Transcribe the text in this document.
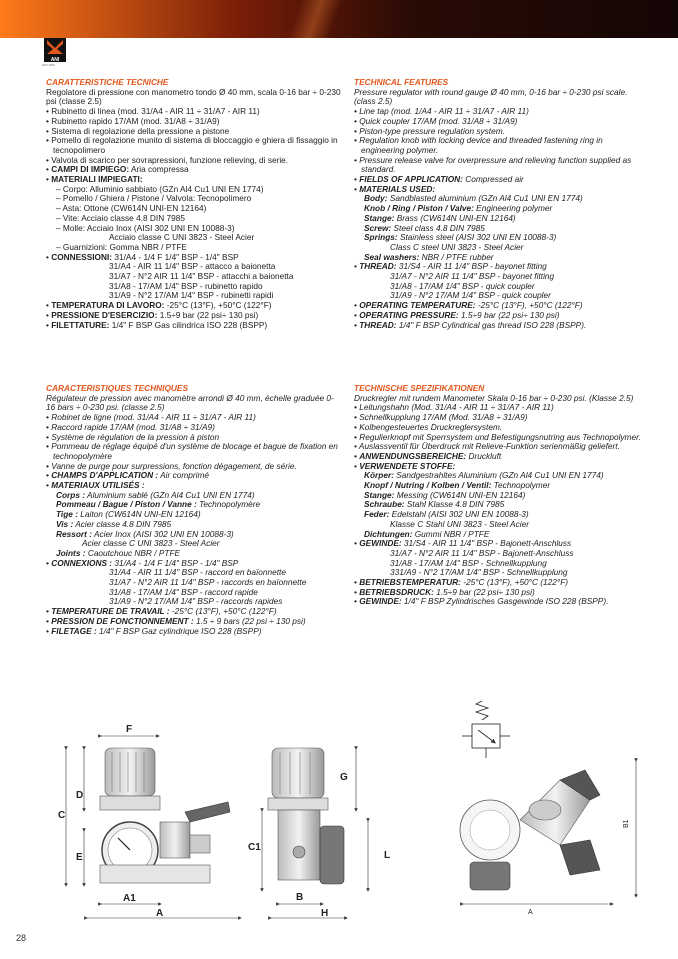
ANI
ANI SPA

CARATTERISTICHE TECNICHE

Regolatore di pressione con manometro tondo Ø 40 mm, scala 0-16 bar ÷ 0-230 psi (classe 2.5)

• Rubinetto di linea (mod. 31/A4 - AIR 11 ÷ 31/A7 - AIR 11)

• Rubinetto rapido 17/AM (mod. 31/A8 ÷ 31/A9)

• Sistema di regolazione della pressione a pistone

• Pomello di regolazione munito di sistema di bloccaggio e ghiera di fissaggio in tecnopolimero

• Valvola di scarico per sovrapressioni, funzione relieving, di serie.

• CAMPI DI IMPIEGO: Aria compressa

• MATERIALI IMPIEGATI:

– Corpo: Alluminio sabbiato (GZn Al4 Cu1 UNI EN 1774)

– Pomello / Ghiera / Pistone / Valvola: Tecnopolimero

– Asta: Ottone (CW614N UNI-EN 12164)

– Vite: Acciaio classe 4.8 DIN 7985

– Molle: Acciaio Inox (AISI 302 UNI EN 10088-3)

Acciaio classe C UNI 3823 - Steel Acier

– Guarnizioni: Gomma NBR / PTFE

• CONNESSIONI: 31/A4 - 1/4 F 1/4" BSP - 1/4" BSP

31/A4 - AIR 11 1/4" BSP - attacco a baionetta

31/A7 - N°2 AIR 11 1/4" BSP - attacchi a baionetta

31/A8 - 17/AM 1/4" BSP - rubinetto rapido

31/A9 - N°2 17/AM 1/4" BSP - rubinetti rapidi

• TEMPERATURA DI LAVORO: -25°C (13°F), +50°C (122°F)

• PRESSIONE D'ESERCIZIO: 1.5÷9 bar (22 psi÷ 130 psi)

• FILETTATURE: 1/4" F BSP Gas cilindrica ISO 228 (BSPP)

TECHNICAL FEATURES

Pressure regulator with round gauge Ø 40 mm, 0-16 bar ÷ 0-230 psi scale. (class 2.5)

• Line tap (mod. 1/A4 - AIR 11 ÷ 31/A7 - AIR 11)

• Quick coupler 17/AM (mod. 31/A8 ÷ 31/A9)

• Piston-type pressure regulation system.

• Regulation knob with locking device and threaded fastening ring in engineering polymer.

• Pressure release valve for overpressure and relieving function supplied as standard.

• FIELDS OF APPLICATION: Compressed air

• MATERIALS USED:

Body: Sandblasted aluminium (GZn Al4 Cu1 UNI EN 1774)

Knob / Ring / Piston / Valve: Engineering polymer

Stange: Brass (CW614N UNI-EN 12164)

Screw: Steel class 4.8 DIN 7985

Springs: Stainless steel (AISI 302 UNI EN 10088-3)

Class C steel UNI 3823 - Steel Acier

Seal washers: NBR / PTFE rubber

• THREAD: 31/S4 - AIR 11 1/4" BSP - bayonet fitting

31/A7 - N°2 AIR 11 1/4" BSP - bayonet fitting

31/A8 - 17/AM 1/4" BSP - quick coupler

31/A9 - N°2 17/AM 1/4" BSP - quick coupler

• OPERATING TEMPERATURE: -25°C (13°F), +50°C (122°F)

• OPERATING PRESSURE: 1.5÷9 bar (22 psi÷ 130 psi)

• THREAD: 1/4" F BSP Cylindrical gas thread ISO 228 (BSPP).

CARACTERISTIQUES TECHNIQUES

Régulateur de pression avec manomètre arrondi Ø 40 mm, échelle graduée 0-16 bars ÷ 0-230 psi. (classe 2.5)

• Robinet de ligne (mod. 31/A4 - AIR 11 ÷ 31/A7 - AIR 11)

• Raccord rapide 17/AM (mod. 31/A8 ÷ 31/A9)

• Système de régulation de la pression à piston

• Pommeau de réglage équipé d'un système de blocage et bague de fixation en technopolymère

• Vanne de purge pour surpressions, fonction dégagement, de série.

• CHAMPS D'APPLICATION : Air comprimé

• MATERIAUX UTILISÉS :

Corps : Aluminium sablé (GZn Al4 Cu1 UNI EN 1774)

Pommeau / Bague / Piston / Vanne : Technopolymère

Tige : Laiton (CW614N UNI-EN 12164)

Vis : Acier classe 4.8 DIN 7985

Ressort : Acier Inox (AISI 302 UNI EN 10088-3)

Acier classe C UNI 3823 - Steel Acier

Joints : Caoutchouc NBR / PTFE

• CONNEXIONS : 31/A4 - 1/4 F 1/4" BSP - 1/4" BSP

31/A4 - AIR 11 1/4" BSP - raccord en baïonnette

31/A7 - N°2 AIR 11 1/4" BSP - raccords en baïonnette

31/A8 - 17/AM 1/4" BSP - raccord rapide

31/A9 - N°2 17/AM 1/4" BSP - raccords rapides

• TEMPERATURE DE TRAVAIL : -25°C (13°F), +50°C (122°F)

• PRESSION DE FONCTIONNEMENT : 1.5 ÷ 9 bars (22 psi ÷ 130 psi)

• FILETAGE : 1/4" F BSP Gaz cylindrique ISO 228 (BSPP)

TECHNISCHE SPEZIFIKATIONEN

Druckregler mit rundem Manometer Skala 0-16 bar ÷ 0-230 psi. (Klasse 2.5)

• Leitungshahn (Mod. 31/A4 - AIR 11 ÷ 31/A7 - AIR 11)

• Schnellkupplung 17/AM (Mod. 31/A8 ÷ 31/A9)

• Kolbengesteuertes Druckreglersystem.

• Regulierknopf mit Sperrsystem und Befestigungsnutring aus Technopolymer.

• Auslassventil für Überdruck mit Relieve-Funktion serienmäßig geliefert.

• ANWENDUNGSBEREICHE: Druckluft

• VERWENDETE STOFFE:

Körper: Sandgestrahltes Aluminium (GZn Al4 Cu1 UNI EN 1774)

Knopf / Nutring / Kolben / Ventil: Technopolymer

Stange: Messing (CW614N UNI-EN 12164)

Schraube: Stahl Klasse 4.8 DIN 7985

Feder: Edelstahl (AISI 302 UNI EN 10088-3)

Klasse C Stahl UNI 3823 - Steel Acier

Dichtungen: Gummi NBR / PTFE

• GEWINDE: 31/S4 - AIR 11 1/4" BSP - Bajonett-Anschluss

31/A7 - N°2 AIR 11 1/4" BSP - Bajonett-Anschluss

31/A8 - 17/AM 1/4" BSP - Schnellkupplung

331/A9 - N°2 17/AM 1/4" BSP - Schnellkupplung

• BETRIEBSTEMPERATUR: -25°C (13°F), +50°C (122°F)

• BETRIEBSDRUCK: 1.5÷9 bar (22 psi÷ 130 psi)

• GEWINDE: 1/4" F BSP Zylindrisches Gasgewinde ISO 228 (BSPP).

F
D
C
E
A1
A
G
C1
L
B
H
B1
A
28
